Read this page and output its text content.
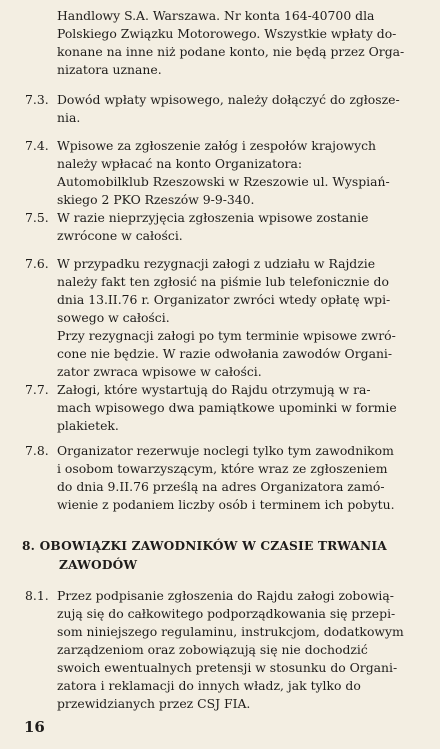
Handlowy S.A. Warszawa. Nr konta 164-40700 dla
Polskiego Związku Motorowego. Wszystkie wpłaty do-
konane na inne niż podane konto, nie będą przez Orga-
nizatora uznane.
7.3. Dowód wpłaty wpisowego, należy dołączyć do zgłosze-
nia.
7.4. Wpisowe za zgłoszenie załóg i zespołów krajowych
należy wpłacać na konto Organizatora:
Automobilklub Rzeszowski w Rzeszowie ul. Wyspiań-
skiego 2 PKO Rzeszów 9-9-340.
7.5. W razie nieprzyjęcia zgłoszenia wpisowe zostanie
zwrócone w całości.
7.6. W przypadku rezygnacji załogi z udziału w Rajdzie
należy fakt ten zgłosić na piśmie lub telefonicznie do
dnia 13.II.76 r. Organizator zwróci wtedy opłatę wpi-
sowego w całości.
Przy rezygnacji załogi po tym terminie wpisowe zwró-
cone nie będzie. W razie odwołania zawodów Organi-
zator zwraca wpisowe w całości.
7.7. Załogi, które wystartują do Rajdu otrzymują w ra-
mach wpisowego dwa pamiątkowe upominki w formie
plakietek.
7.8. Organizator rezerwuje noclegi tylko tym zawodnikom
i osobom towarzyszącym, które wraz ze zgłoszeniem
do dnia 9.II.76 prześlą na adres Organizatora zamó-
wienie z podaniem liczby osób i terminem ich pobytu.
8. OBOWIĄZKI ZAWODNIKÓW W CZASIE TRWANIA
ZAWODÓW
8.1. Przez podpisanie zgłoszenia do Rajdu załogi zobowią-
zują się do całkowitego podporządkowania się przepi-
som niniejszego regulaminu, instrukcjom, dodatkowym
zarządzeniom oraz zobowiązują się nie dochodzić
swoich ewentualnych pretensji w stosunku do Organi-
zatora i reklamacji do innych władz, jak tylko do
przewidzianych przez CSJ FIA.
16
